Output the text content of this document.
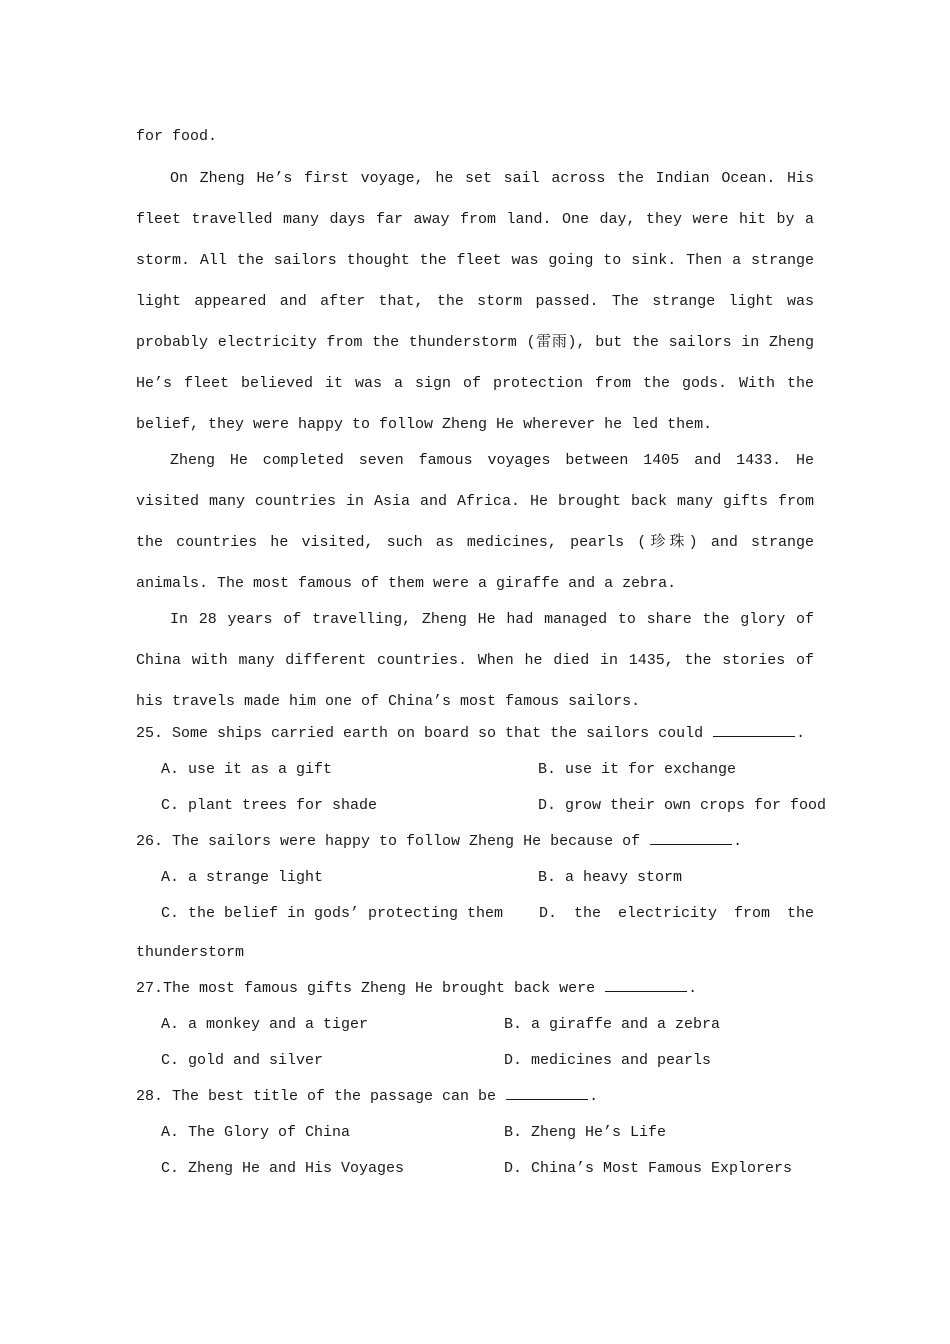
for food.

On Zheng He’s first voyage, he set sail across the Indian Ocean. His fleet travelled many days far away from land. One day, they were hit by a storm. All the sailors thought the fleet was going to sink. Then a strange light appeared and after that, the storm passed. The strange light was probably electricity from the thunderstorm (雷雨), but the sailors in Zheng He’s fleet believed it was a sign of protection from the gods. With the belief, they were happy to follow Zheng He wherever he led them.

Zheng He completed seven famous voyages between 1405 and 1433. He visited many countries in Asia and Africa. He brought back many gifts from the countries he visited, such as medicines, pearls (珍珠) and strange animals. The most famous of them were a giraffe and a zebra.

In 28 years of travelling, Zheng He had managed to share the glory of China with many different countries. When he died in 1435, the stories of his travels made him one of China’s most famous sailors.

25. Some ships carried earth on board so that the sailors could	.

A. use it as a gift	B. use it for exchange
C. plant trees for shade	D. grow their own crops for food

26. The sailors were happy to follow Zheng He because of	.

A. a strange light	B. a heavy storm
C. the belief in gods’ protecting them D. the electricity from the

thunderstorm

27.The most famous gifts Zheng He brought back were	.

A. a monkey and a tiger	B. a giraffe and a zebra
C. gold and silver	D. medicines and pearls

28. The best title of the passage can be	.

A. The Glory of China	B. Zheng He’s Life
C. Zheng He and His Voyages	D. China’s Most Famous Explorers
